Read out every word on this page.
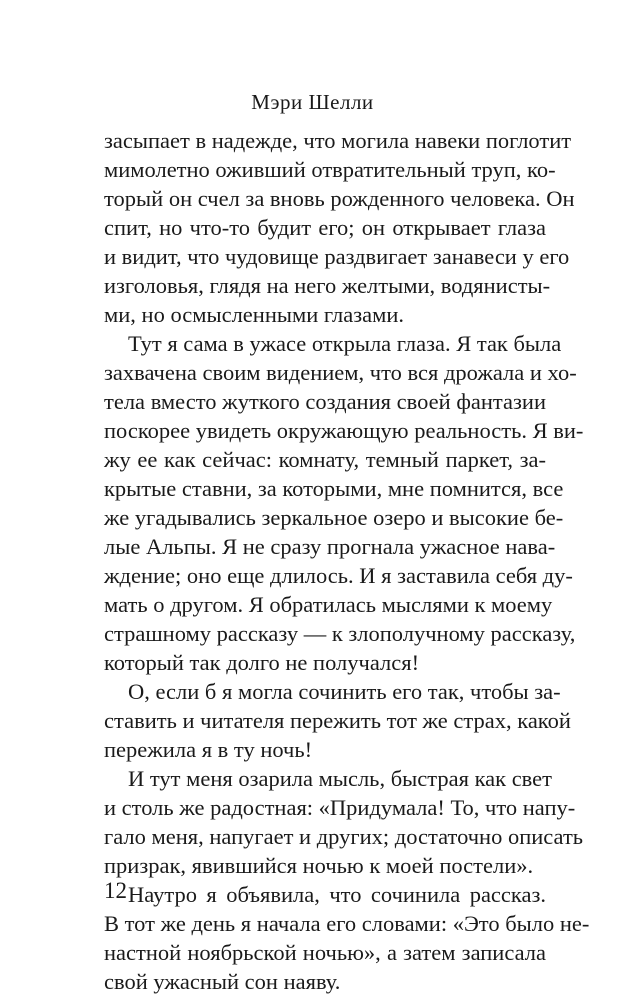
Мэри Шелли
засыпает в надежде, что могила навеки поглотит
мимолетно оживший отвратительный труп, ко-
торый он счел за вновь рожденного человека. Он
спит, но что-то будит его; он открывает глаза
и видит, что чудовище раздвигает занавеси у его
изголовья, глядя на него желтыми, водянисты-
ми, но осмысленными глазами.
Тут я сама в ужасе открыла глаза. Я так была
захвачена своим видением, что вся дрожала и хо-
тела вместо жуткого создания своей фантазии
поскорее увидеть окружающую реальность. Я ви-
жу ее как сейчас: комнату, темный паркет, за-
крытые ставни, за которыми, мне помнится, все
же угадывались зеркальное озеро и высокие бе-
лые Альпы. Я не сразу прогнала ужасное нава-
ждение; оно еще длилось. И я заставила себя ду-
мать о другом. Я обратилась мыслями к моему
страшному рассказу — к злополучному рассказу,
который так долго не получался!
О, если б я могла сочинить его так, чтобы за-
ставить и читателя пережить тот же страх, какой
пережила я в ту ночь!
И тут меня озарила мысль, быстрая как свет
и столь же радостная: «Придумала! То, что напу-
гало меня, напугает и других; достаточно описать
призрак, явившийся ночью к моей постели».
Наутро я объявила, что сочинила рассказ.
В тот же день я начала его словами: «Это было не-
настной ноябрьской ночью», а затем записала
свой ужасный сон наяву.
12
